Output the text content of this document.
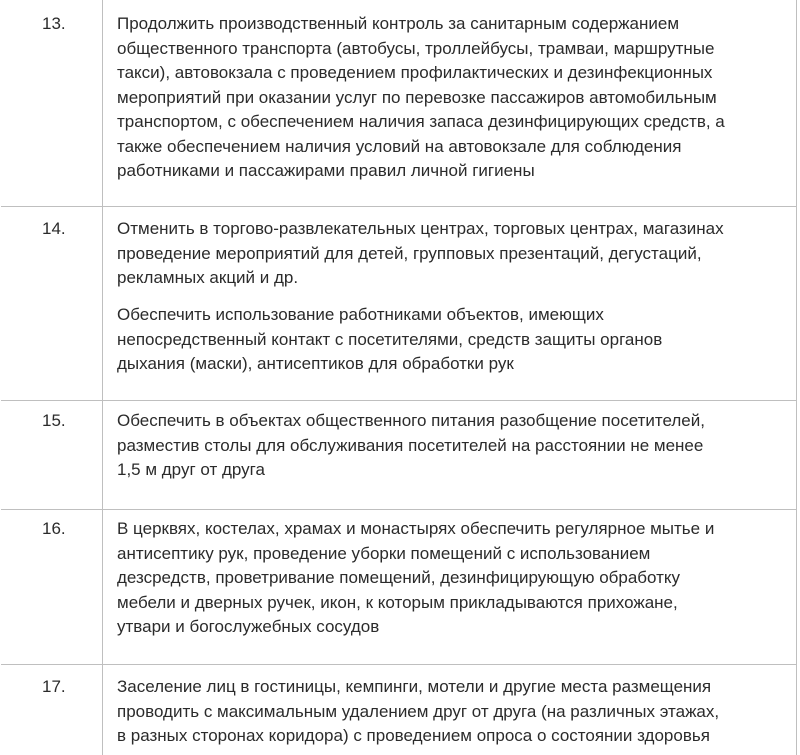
13.	Продолжить производственный контроль за санитарным содержанием
общественного транспорта (автобусы, троллейбусы, трамваи, маршрутные
такси), автовокзала с проведением профилактических и дезинфекционных
мероприятий при оказании услуг по перевозке пассажиров автомобильным
транспортом, с обеспечением наличия запаса дезинфицирующих средств, а
также обеспечением наличия условий на автовокзале для соблюдения
работниками и пассажирами правил личной гигиены

14.	Отменить в торгово-развлекательных центрах, торговых центрах, магазинах
проведение мероприятий для детей, групповых презентаций, дегустаций,
рекламных акций и др.

Обеспечить использование работниками объектов, имеющих
непосредственный контакт с посетителями, средств защиты органов
дыхания (маски), антисептиков для обработки рук

15.	Обеспечить в объектах общественного питания разобщение посетителей,
разместив столы для обслуживания посетителей на расстоянии не менее
1,5 м друг от друга

16.	В церквях, костелах, храмах и монастырях обеспечить регулярное мытье и
антисептику рук, проведение уборки помещений с использованием
дезсредств, проветривание помещений, дезинфицирующую обработку
мебели и дверных ручек, икон, к которым прикладываются прихожане,
утвари и богослужебных сосудов

17.	Заселение лиц в гостиницы, кемпинги, мотели и другие места размещения
проводить с максимальным удалением друг от друга (на различных этажах,
в разных сторонах коридора) с проведением опроса о состоянии здоровья
